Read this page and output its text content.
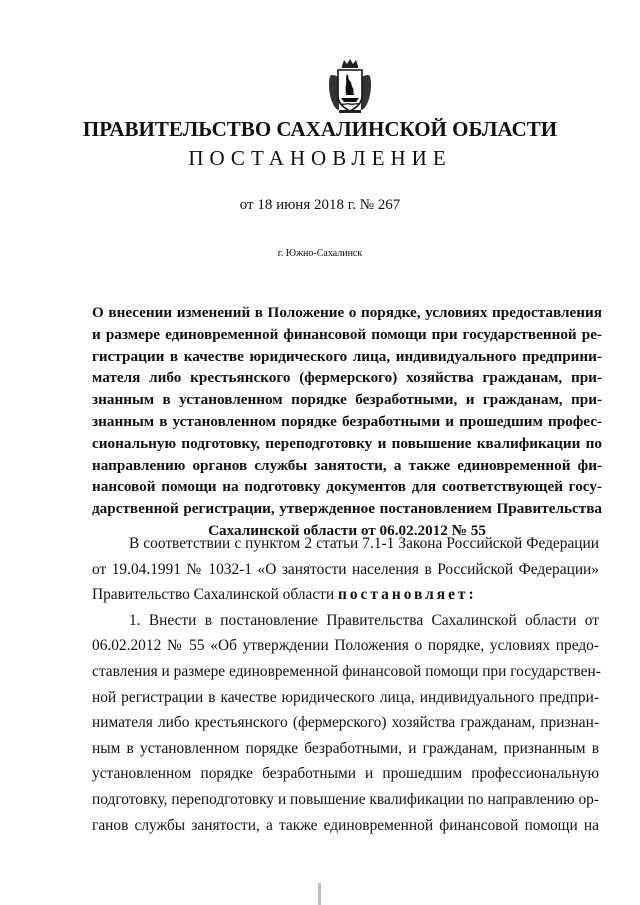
ПРАВИТЕЛЬСТВО САХАЛИНСКОЙ ОБЛАСТИ
ПОСТАНОВЛЕНИЕ
от 18 июня 2018 г. № 267
г. Южно-Сахалинск
О внесении изменений в Положение о порядке, условиях предоставления
и размере единовременной финансовой помощи при государственной ре-
гистрации в качестве юридического лица, индивидуального предприни-
мателя либо крестьянского (фермерского) хозяйства гражданам, при-
знанным в установленном порядке безработными, и гражданам, при-
знанным в установленном порядке безработными и прошедшим профес-
сиональную подготовку, переподготовку и повышение квалификации по
направлению органов службы занятости, а также единовременной фи-
нансовой помощи на подготовку документов для соответствующей госу-
дарственной регистрации, утвержденное постановлением Правительства
Сахалинской области от 06.02.2012 № 55
В соответствии с пунктом 2 статьи 7.1-1 Закона Российской Федерации
от 19.04.1991 № 1032-1 «О занятости населения в Российской Федерации»
Правительство Сахалинской области постановляет:
1. Внести в постановление Правительства Сахалинской области от
06.02.2012 № 55 «Об утверждении Положения о порядке, условиях предо-
ставления и размере единовременной финансовой помощи при государствен-
ной регистрации в качестве юридического лица, индивидуального предпри-
нимателя либо крестьянского (фермерского) хозяйства гражданам, признан-
ным в установленном порядке безработными, и гражданам, признанным в
установленном порядке безработными и прошедшим профессиональную
подготовку, переподготовку и повышение квалификации по направлению ор-
ганов службы занятости, а также единовременной финансовой помощи на
